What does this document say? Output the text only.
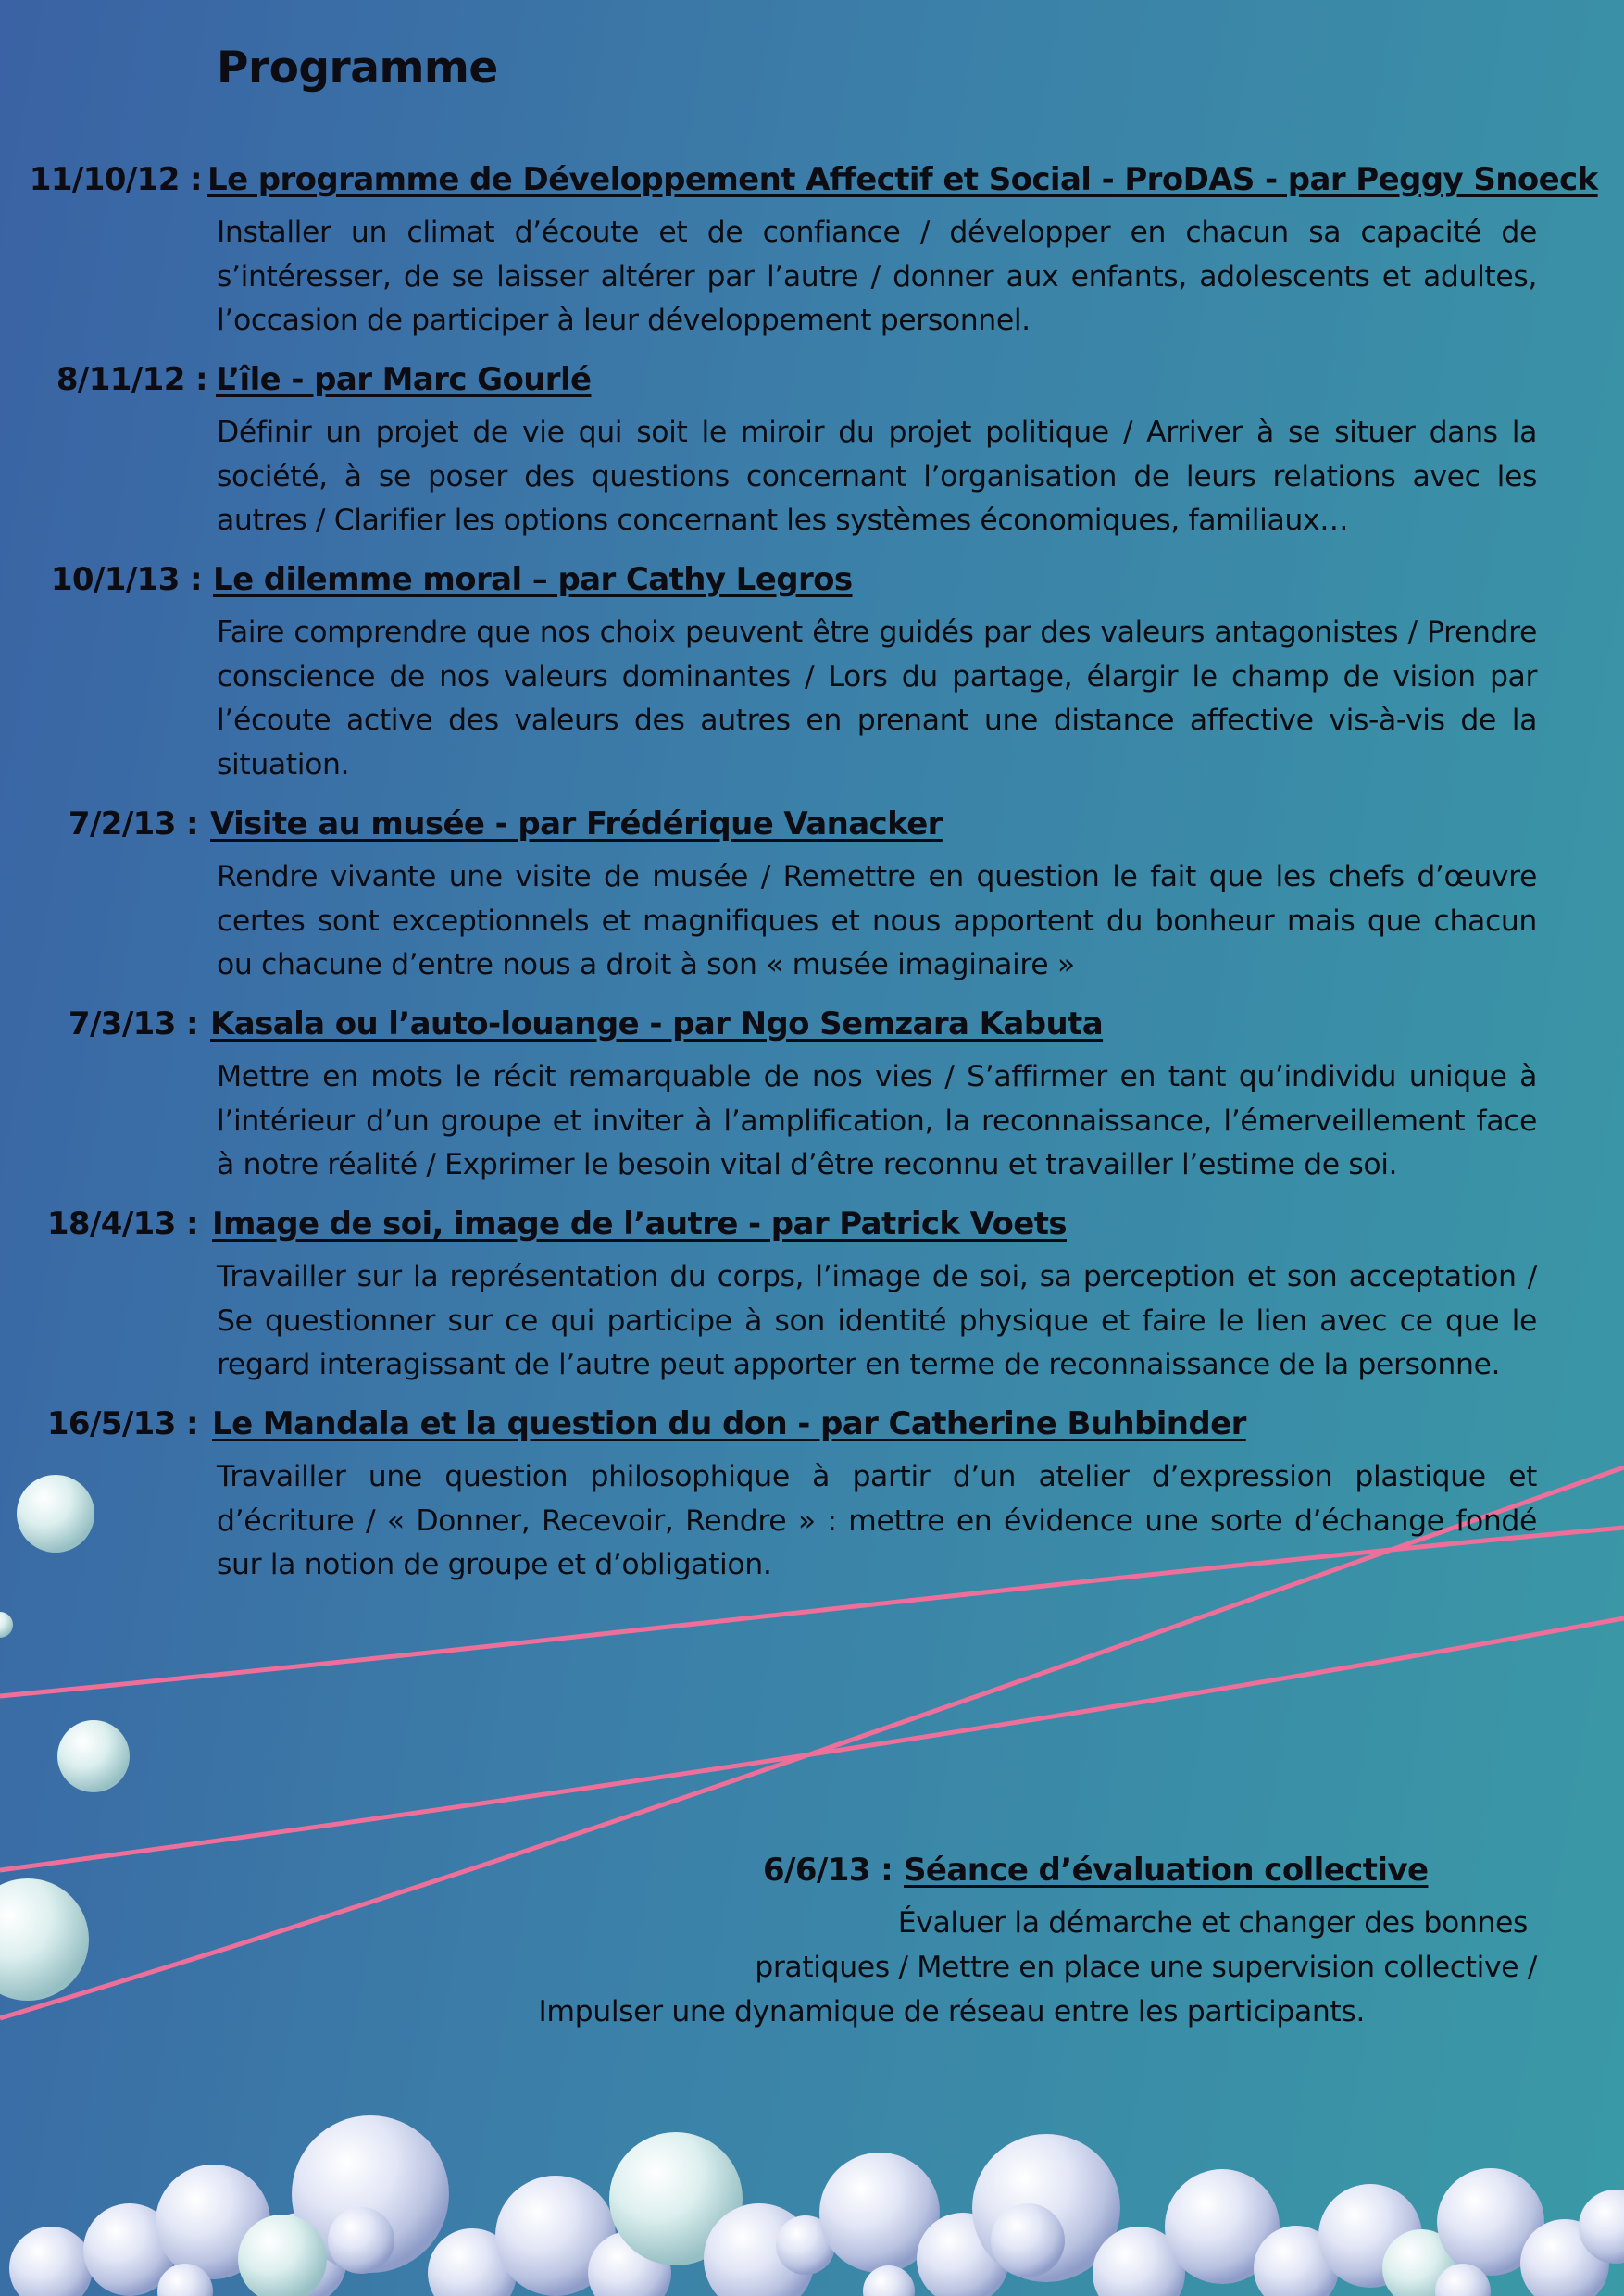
Programme
11/10/12 : Le programme de Développement Affectif et Social - ProDAS - par Peggy Snoeck

Installer un climat d’écoute et de confiance / développer en chacun sa capacité de s’intéresser, de se laisser altérer par l’autre / donner aux enfants, adolescents et adultes, l’occasion de participer à leur développement personnel.

8/11/12 : L’île - par Marc Gourlé

Définir un projet de vie qui soit le miroir du projet politique / Arriver à se situer dans la société, à se poser des questions concernant l’organisation de leurs relations avec les autres / Clarifier les options concernant les systèmes économiques, familiaux…

10/1/13 : Le dilemme moral – par Cathy Legros

Faire comprendre que nos choix peuvent être guidés par des valeurs antagonistes / Prendre conscience de nos valeurs dominantes / Lors du partage, élargir le champ de vision par l’écoute active des valeurs des autres en prenant une distance affective vis-à-vis de la situation.

7/2/13 : Visite au musée - par Frédérique Vanacker

Rendre vivante une visite de musée / Remettre en question le fait que les chefs d’œuvre certes sont exceptionnels et magnifiques et nous apportent du bonheur mais que chacun ou chacune d’entre nous a droit à son « musée imaginaire »

7/3/13 : Kasala ou l’auto-louange - par Ngo Semzara Kabuta

Mettre en mots le récit remarquable de nos vies / S’affirmer en tant qu’individu unique à l’intérieur d’un groupe et inviter à l’amplification, la reconnaissance, l’émerveillement face à notre réalité / Exprimer le besoin vital d’être reconnu et travailler l’estime de soi.

18/4/13 : Image de soi, image de l’autre - par Patrick Voets

Travailler sur la représentation du corps, l’image de soi, sa perception et son acceptation / Se questionner sur ce qui participe à son identité physique et faire le lien avec ce que le regard interagissant de l’autre peut apporter en terme de reconnaissance de la personne.

16/5/13 : Le Mandala et la question du don - par Catherine Buhbinder

Travailler une question philosophique à partir d’un atelier d’expression plastique et d’écriture / « Donner, Recevoir, Rendre » : mettre en évidence une sorte d’échange fondé sur la notion de groupe et d’obligation.

6/6/13 : Séance d’évaluation collective
Évaluer la démarche et changer des bonnes
pratiques / Mettre en place une supervision collective /
Impulser une dynamique de réseau entre les participants.
